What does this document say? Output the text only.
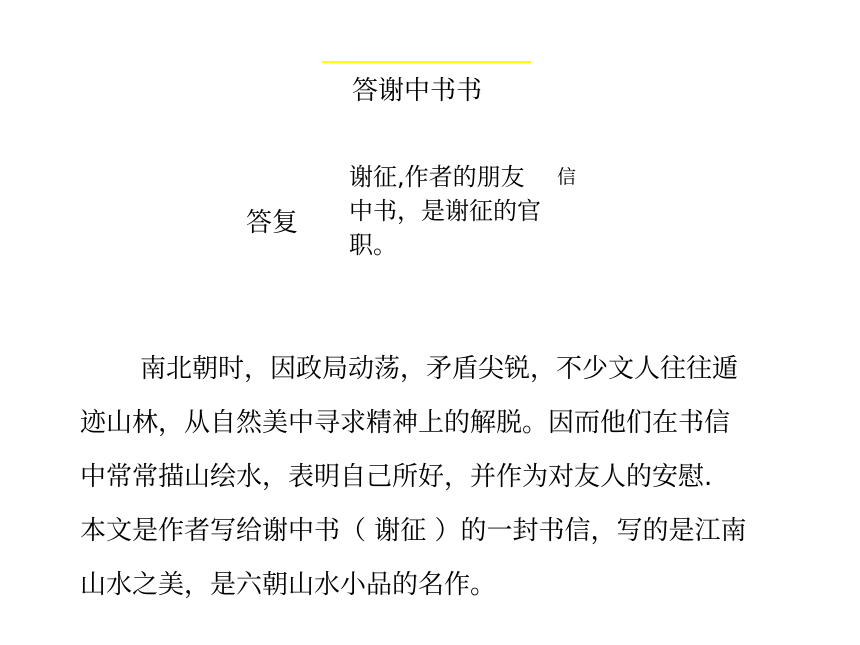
答谢中书书
答复
谢征,作者的朋友 信
中书，是谢征的官
职。
南北朝时，因政局动荡，矛盾尖锐，不少文人往往遁
迹山林，从自然美中寻求精神上的解脱。因而他们在书信
中常常描山绘水，表明自己所好，并作为对友人的安慰.
本文是作者写给谢中书（ 谢征 ）的一封书信，写的是江南
山水之美，是六朝山水小品的名作。
